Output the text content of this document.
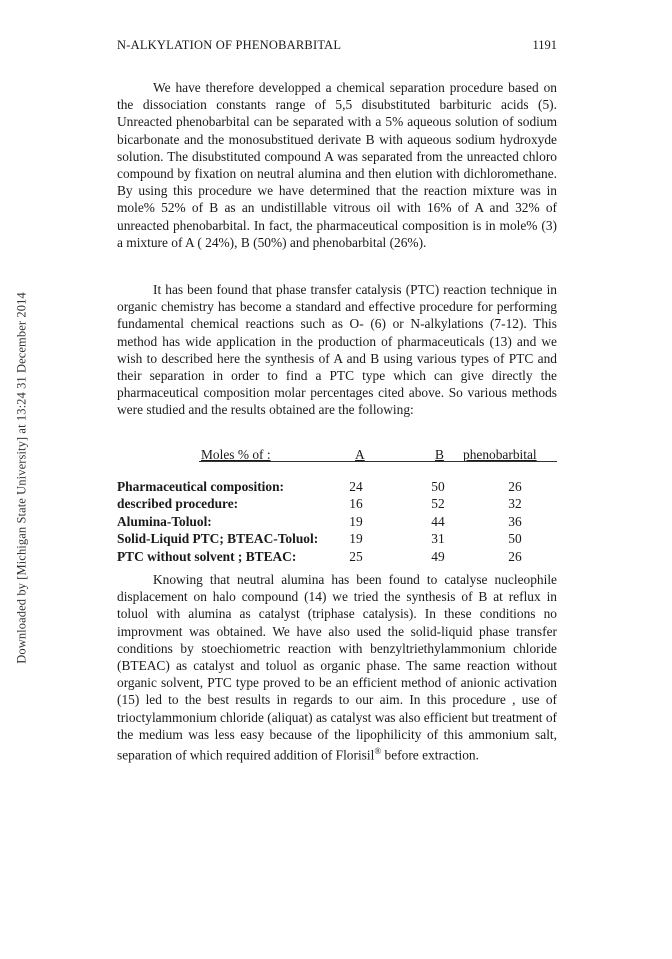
Downloaded by [Michigan State University] at 13:24 31 December 2014
N-ALKYLATION OF PHENOBARBITAL	1191

We have therefore developped a chemical separation procedure based on the dissociation constants range of 5,5 disubstituted barbituric acids (5). Unreacted phenobarbital can be separated with a 5% aqueous solution of sodium bicarbonate and the monosubstitued derivate B with aqueous sodium hydroxyde solution. The disubstituted compound A was separated from the unreacted chloro compound by fixation on neutral alumina and then elution with dichloromethane. By using this procedure we have determined that the reaction mixture was in mole% 52% of B as an undistillable vitrous oil with 16% of A and 32% of unreacted phenobarbital. In fact, the pharmaceutical composition is in mole% (3) a mixture of A ( 24%), B (50%) and phenobarbital (26%).

It has been found that phase transfer catalysis (PTC) reaction technique in organic chemistry has become a standard and effective procedure for performing fundamental chemical reactions such as O- (6) or N-alkylations (7-12). This method has wide application in the production of pharmaceuticals (13) and we wish to described here the synthesis of A and B using various types of PTC and their separation in order to find a PTC type which can give directly the pharmaceutical composition molar percentages cited above. So various methods were studied and the results obtained are the following:

Moles % of :	A	B phenobarbital
Pharmaceutical composition:	24	50	26
described procedure:	16	52	32
Alumina-Toluol:	19	44	36
Solid-Liquid PTC; BTEAC-Toluol:	19	31	50
PTC without solvent ; BTEAC:	25	49	26

Knowing that neutral alumina has been found to catalyse nucleophile displacement on halo compound (14) we tried the synthesis of B at reflux in toluol with alumina as catalyst (triphase catalysis). In these conditions no improvment was obtained. We have also used the solid-liquid phase transfer conditions by stoechiometric reaction with benzyltriethylammonium chloride (BTEAC) as catalyst and toluol as organic phase. The same reaction without organic solvent, PTC type proved to be an efficient method of anionic activation (15) led to the best results in regards to our aim. In this procedure , use of trioctylammonium chloride (aliquat) as catalyst was also efficient but treatment of the medium was less easy because of the lipophilicity of this ammonium salt, separation of which required addition of Florisil® before extraction.
